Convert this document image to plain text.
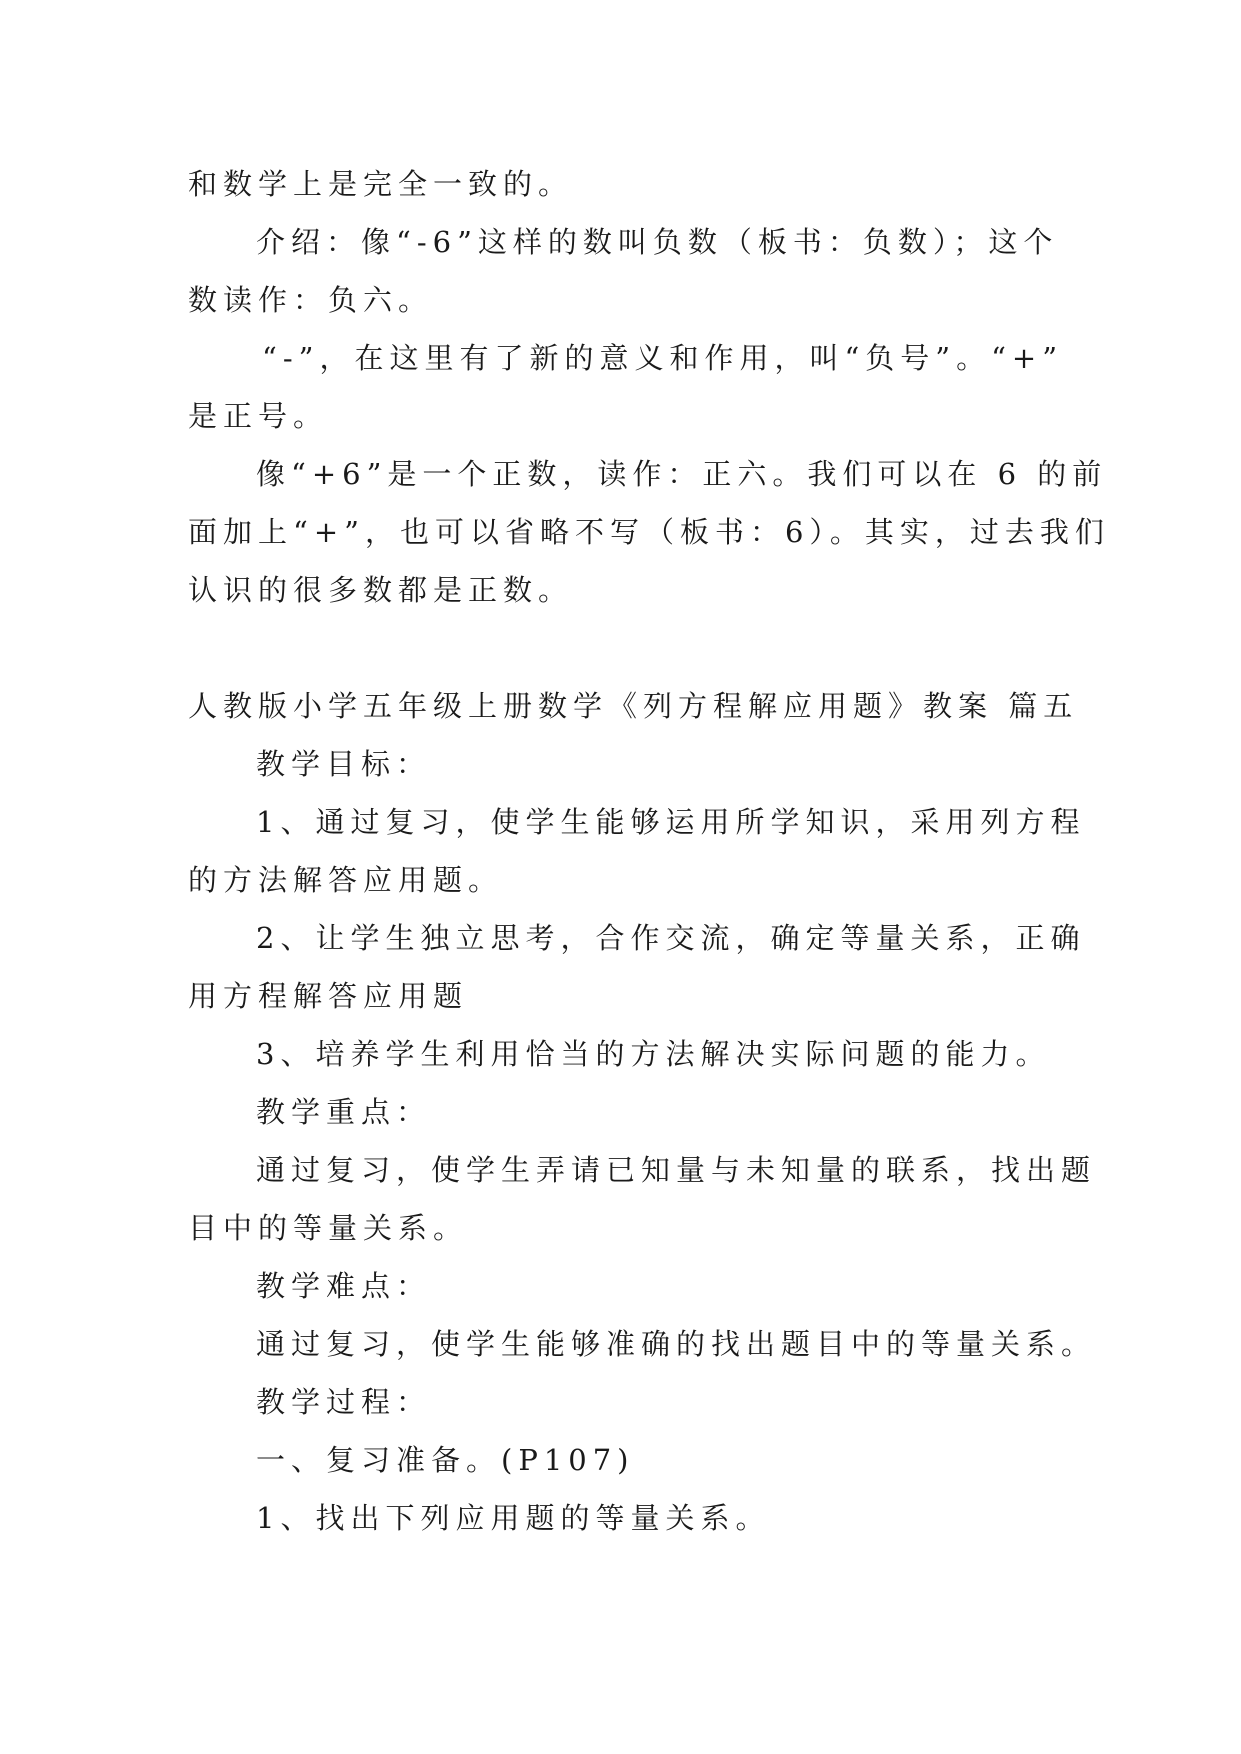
和数学上是完全一致的。
介绍：像“-6”这样的数叫负数（板书：负数）；这个
数读作：负六。
“-”，在这里有了新的意义和作用，叫“负号”。“+”
是正号。
像“+6”是一个正数，读作：正六。我们可以在 6 的前
面加上“+”，也可以省略不写（板书：6）。其实，过去我们
认识的很多数都是正数。
人教版小学五年级上册数学《列方程解应用题》教案 篇五
教学目标：
1、通过复习，使学生能够运用所学知识，采用列方程
的方法解答应用题。
2、让学生独立思考，合作交流，确定等量关系，正确
用方程解答应用题
3、培养学生利用恰当的方法解决实际问题的能力。
教学重点：
通过复习，使学生弄请已知量与未知量的联系，找出题
目中的等量关系。
教学难点：
通过复习，使学生能够准确的找出题目中的等量关系。
教学过程：
一、复习准备。(P107)
1、找出下列应用题的等量关系。
